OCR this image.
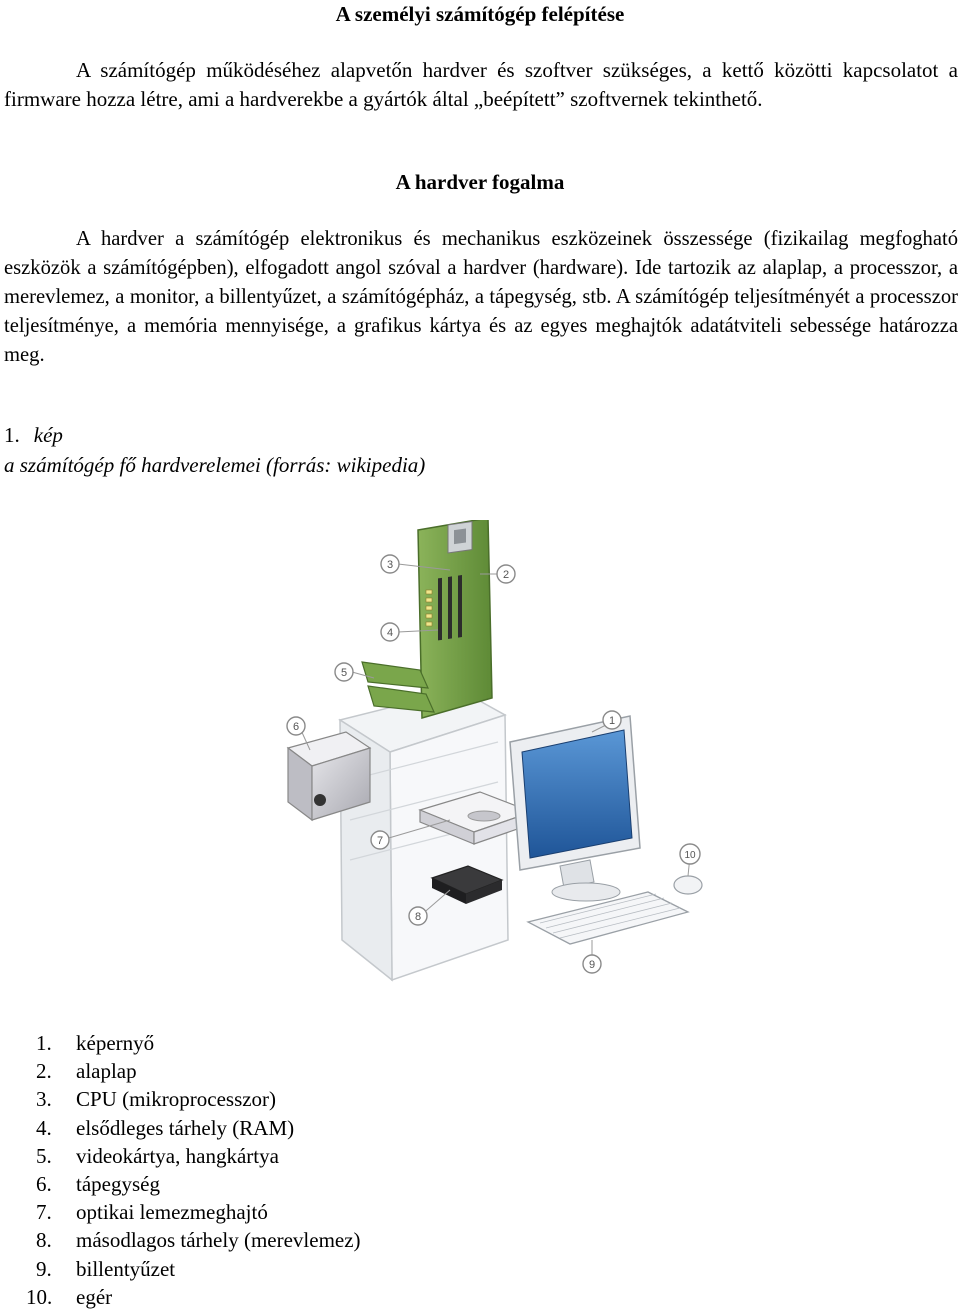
A személyi számítógép felépítése

A számítógép működéséhez alapvetőn hardver és szoftver szükséges, a kettő közötti kapcsolatot a firmware hozza létre, ami a hardverekbe a gyártók által „beépített” szoftvernek tekinthető.

A hardver fogalma

A hardver a számítógép elektronikus és mechanikus eszközeinek összessége (fizikailag megfogható eszközök a számítógépben), elfogadott angol szóval a hardver (hardware). Ide tartozik az alaplap, a processzor, a merevlemez, a monitor, a billentyűzet, a számítógépház, a tápegység, stb. A számítógép teljesítményét a processzor teljesítménye, a memória mennyisége, a grafikus kártya és az egyes meghajtók adatátviteli sebessége határozza meg.

1. kép
a számítógép fő hardverelemei (forrás: wikipedia)
3
2
4
5
6	1
7
8
9
10
1. képernyő
2. alaplap
3. CPU (mikroprocesszor)
4. elsődleges tárhely (RAM)
5. videokártya, hangkártya
6. tápegység
7. optikai lemezmeghajtó
8. másodlagos tárhely (merevlemez)
9. billentyűzet
10. egér
